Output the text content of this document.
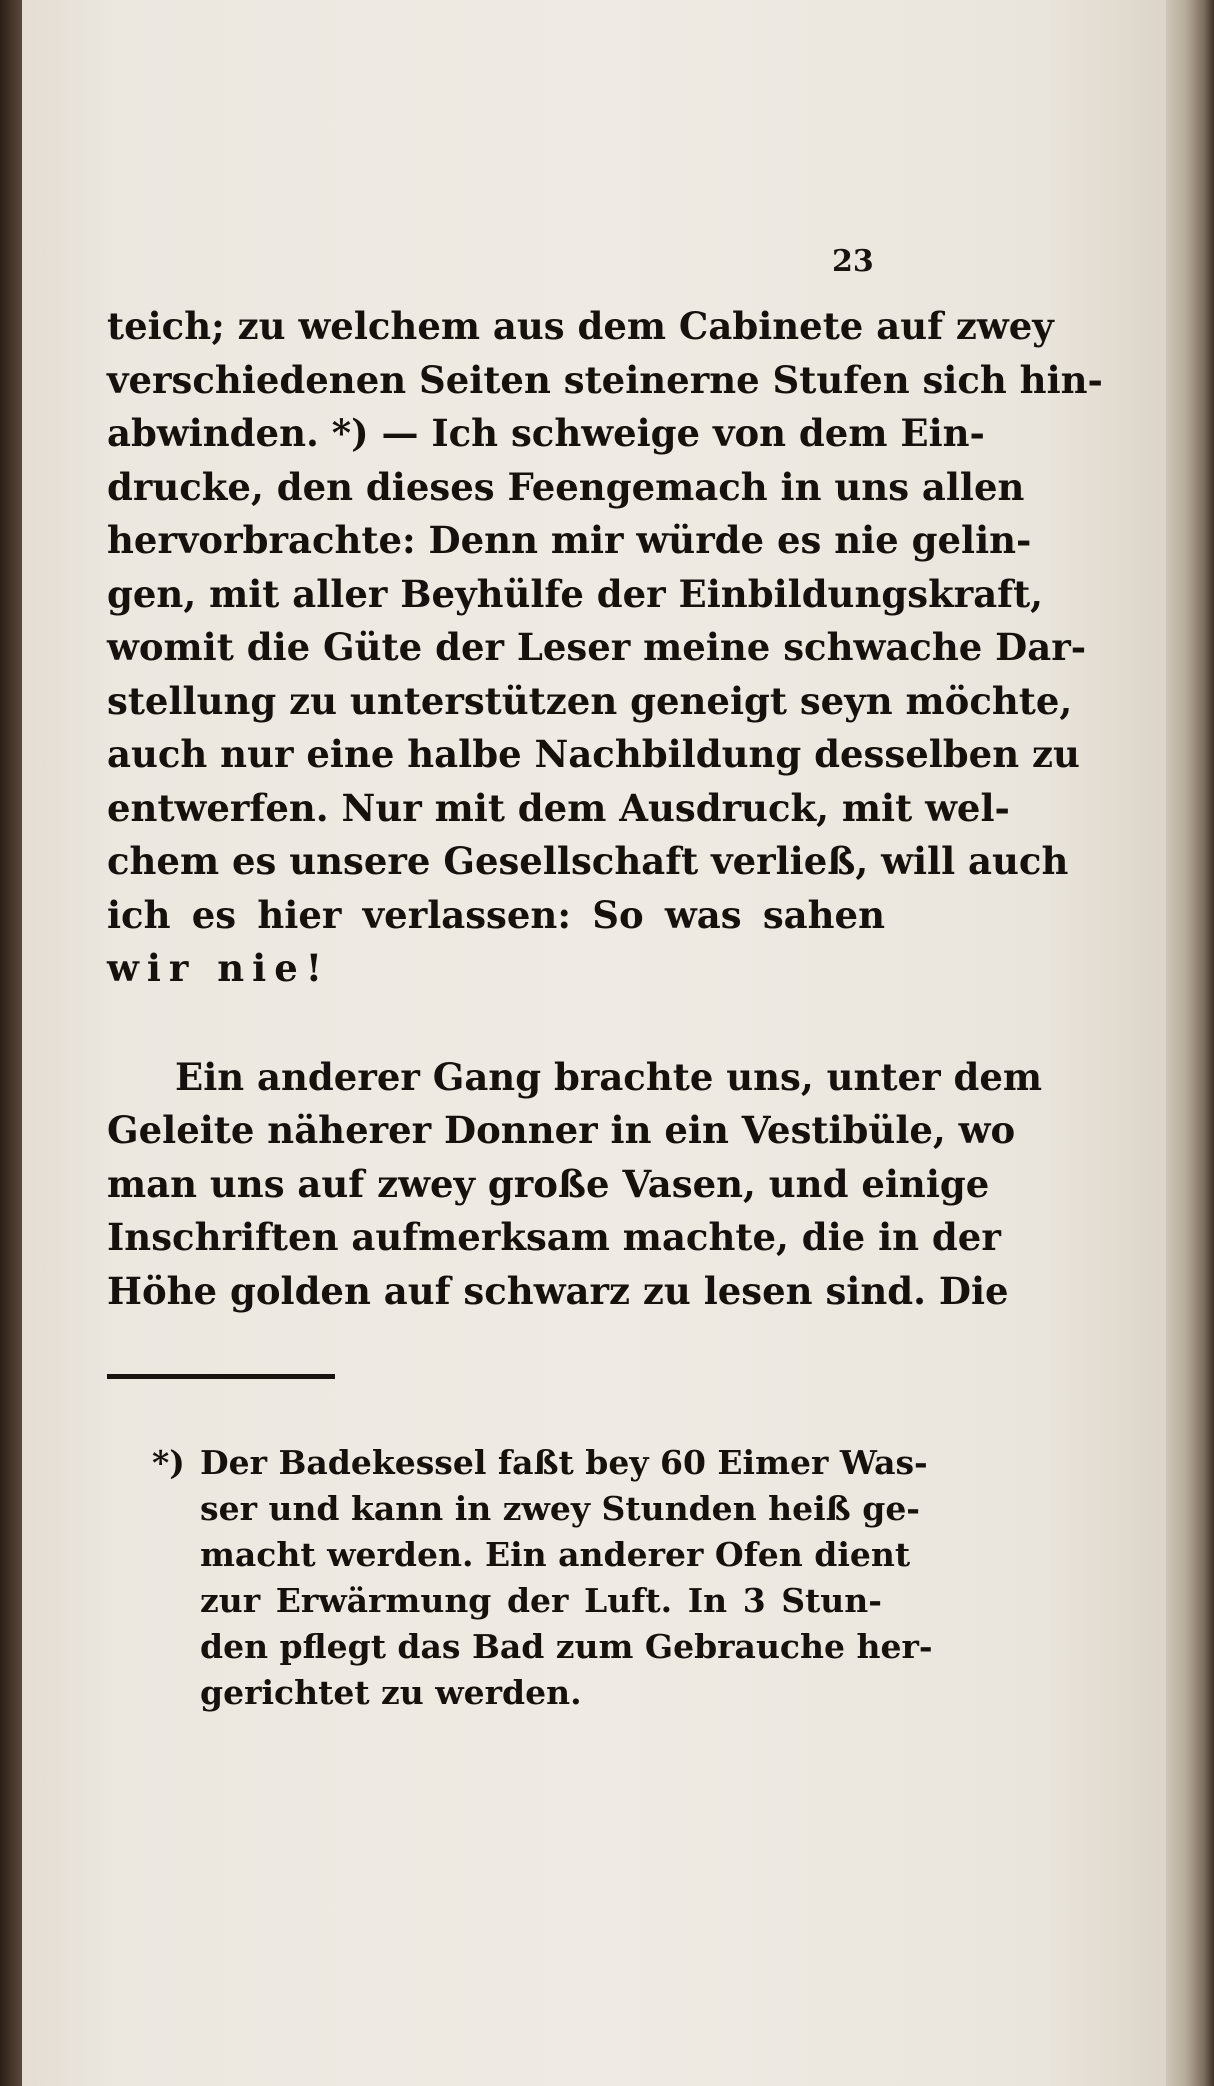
23
teich; zu welchem aus dem Cabinete auf zwey
verschiedenen Seiten steinerne Stufen sich hin-
abwinden. *) — Ich schweige von dem Ein-
drucke, den dieses Feengemach in uns allen
hervorbrachte: Denn mir würde es nie gelin-
gen, mit aller Beyhülfe der Einbildungskraft,
womit die Güte der Leser meine schwache Dar-
stellung zu unterstützen geneigt seyn möchte,
auch nur eine halbe Nachbildung desselben zu
entwerfen. Nur mit dem Ausdruck, mit wel-
chem es unsere Gesellschaft verließ, will auch
ich es hier verlassen: So was sahen
wir nie!
Ein anderer Gang brachte uns, unter dem
Geleite näherer Donner in ein Vestibüle, wo
man uns auf zwey große Vasen, und einige
Inschriften aufmerksam machte, die in der
Höhe golden auf schwarz zu lesen sind. Die
*) Der Badekessel faßt bey 60 Eimer Was-
ser und kann in zwey Stunden heiß ge-
macht werden. Ein anderer Ofen dient
zur Erwärmung der Luft. In 3 Stun-
den pflegt das Bad zum Gebrauche her-
gerichtet zu werden.
